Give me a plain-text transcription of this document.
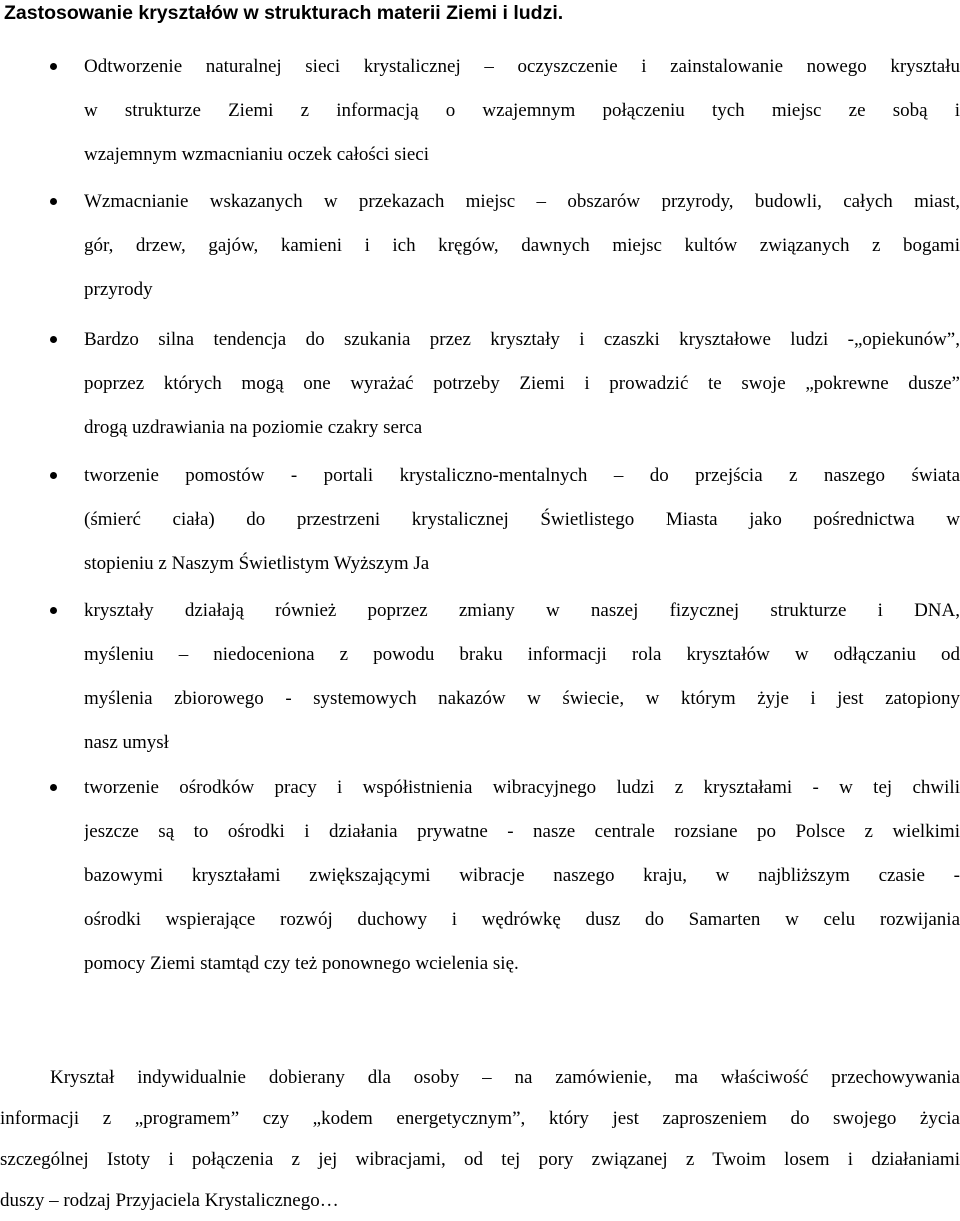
Zastosowanie kryształów w strukturach materii Ziemi i ludzi.
Odtworzenie naturalnej sieci krystalicznej – oczyszczenie i zainstalowanie nowego kryształu
w strukturze Ziemi z informacją o wzajemnym połączeniu tych miejsc ze sobą i
wzajemnym wzmacnianiu oczek całości sieci
Wzmacnianie wskazanych w przekazach miejsc – obszarów przyrody, budowli, całych miast,
gór, drzew, gajów, kamieni i ich kręgów, dawnych miejsc kultów związanych z bogami
przyrody
Bardzo silna tendencja do szukania przez kryształy i czaszki kryształowe ludzi -„opiekunów”,
poprzez których mogą one wyrażać potrzeby Ziemi i prowadzić te swoje „pokrewne dusze”
drogą uzdrawiania na poziomie czakry serca
tworzenie pomostów - portali krystaliczno-mentalnych – do przejścia z naszego świata
(śmierć ciała) do przestrzeni krystalicznej Świetlistego Miasta jako pośrednictwa w
stopieniu z Naszym Świetlistym Wyższym Ja
kryształy działają również poprzez zmiany w naszej fizycznej strukturze i DNA,
myśleniu – niedoceniona z powodu braku informacji rola kryształów w odłączaniu od
myślenia zbiorowego - systemowych nakazów w świecie, w którym żyje i jest zatopiony
nasz umysł
tworzenie ośrodków pracy i współistnienia wibracyjnego ludzi z kryształami - w tej chwili
jeszcze są to ośrodki i działania prywatne - nasze centrale rozsiane po Polsce z wielkimi
bazowymi kryształami zwiększającymi wibracje naszego kraju, w najbliższym czasie -
ośrodki wspierające rozwój duchowy i wędrówkę dusz do Samarten w celu rozwijania
pomocy Ziemi stamtąd czy też ponownego wcielenia się.

Kryształ indywidualnie dobierany dla osoby – na zamówienie, ma właściwość przechowywania
informacji z „programem” czy „kodem energetycznym”, który jest zaproszeniem do swojego życia
szczególnej Istoty i połączenia z jej wibracjami, od tej pory związanej z Twoim losem i działaniami
duszy – rodzaj Przyjaciela Krystalicznego…
